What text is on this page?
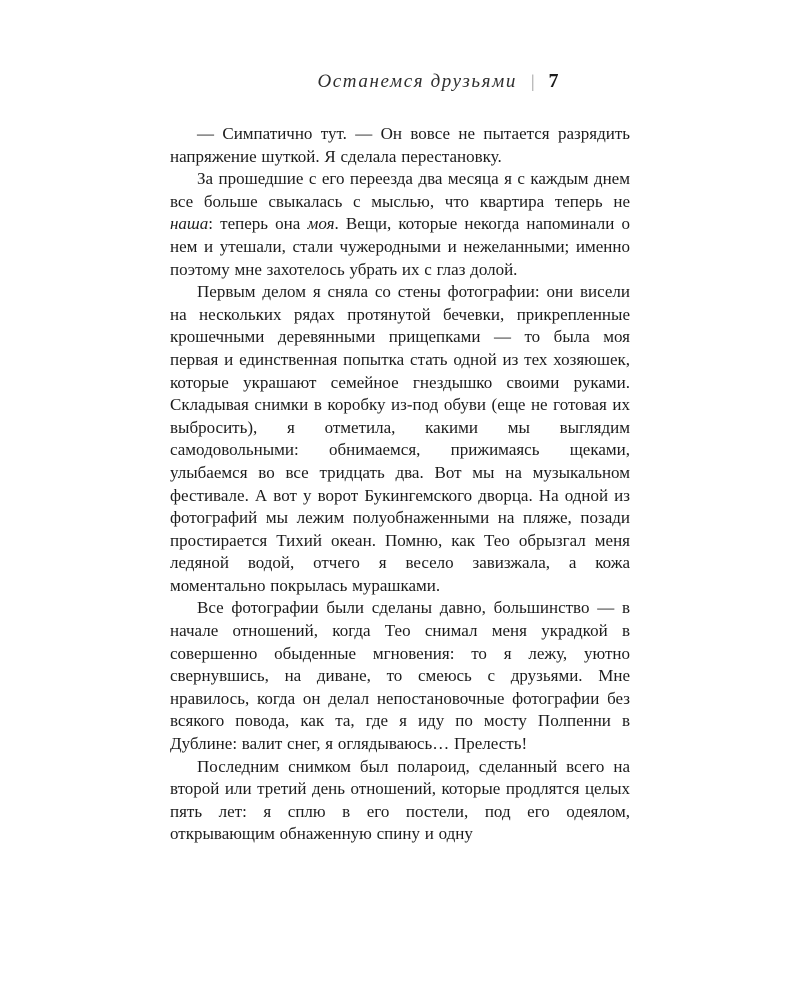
Останемся друзьями | 7

— Симпатично тут. — Он вовсе не пытается разрядить напряжение шуткой. Я сделала перестановку.

За прошедшие с его переезда два месяца я с каждым днем все больше свыкалась с мыслью, что квартира теперь не наша: теперь она моя. Вещи, которые некогда напоминали о нем и утешали, стали чужеродными и нежеланными; именно поэтому мне захотелось убрать их с глаз долой.

Первым делом я сняла со стены фотографии: они висели на нескольких рядах протянутой бечевки, прикрепленные крошечными деревянными прищепками — то была моя первая и единственная попытка стать одной из тех хозяюшек, которые украшают семейное гнездышко своими руками. Складывая снимки в коробку из-под обуви (еще не готовая их выбросить), я отметила, какими мы выглядим самодовольными: обнимаемся, прижимаясь щеками, улыбаемся во все тридцать два. Вот мы на музыкальном фестивале. А вот у ворот Букингемского дворца. На одной из фотографий мы лежим полуобнаженными на пляже, позади простирается Тихий океан. Помню, как Тео обрызгал меня ледяной водой, отчего я весело завизжала, а кожа моментально покрылась мурашками.

Все фотографии были сделаны давно, большинство — в начале отношений, когда Тео снимал меня украдкой в совершенно обыденные мгновения: то я лежу, уютно свернувшись, на диване, то смеюсь с друзьями. Мне нравилось, когда он делал непостановочные фотографии без всякого повода, как та, где я иду по мосту Полпенни в Дублине: валит снег, я оглядываюсь… Прелесть!

Последним снимком был полароид, сделанный всего на второй или третий день отношений, которые продлятся целых пять лет: я сплю в его постели, под его одеялом, открывающим обнаженную спину и одну
